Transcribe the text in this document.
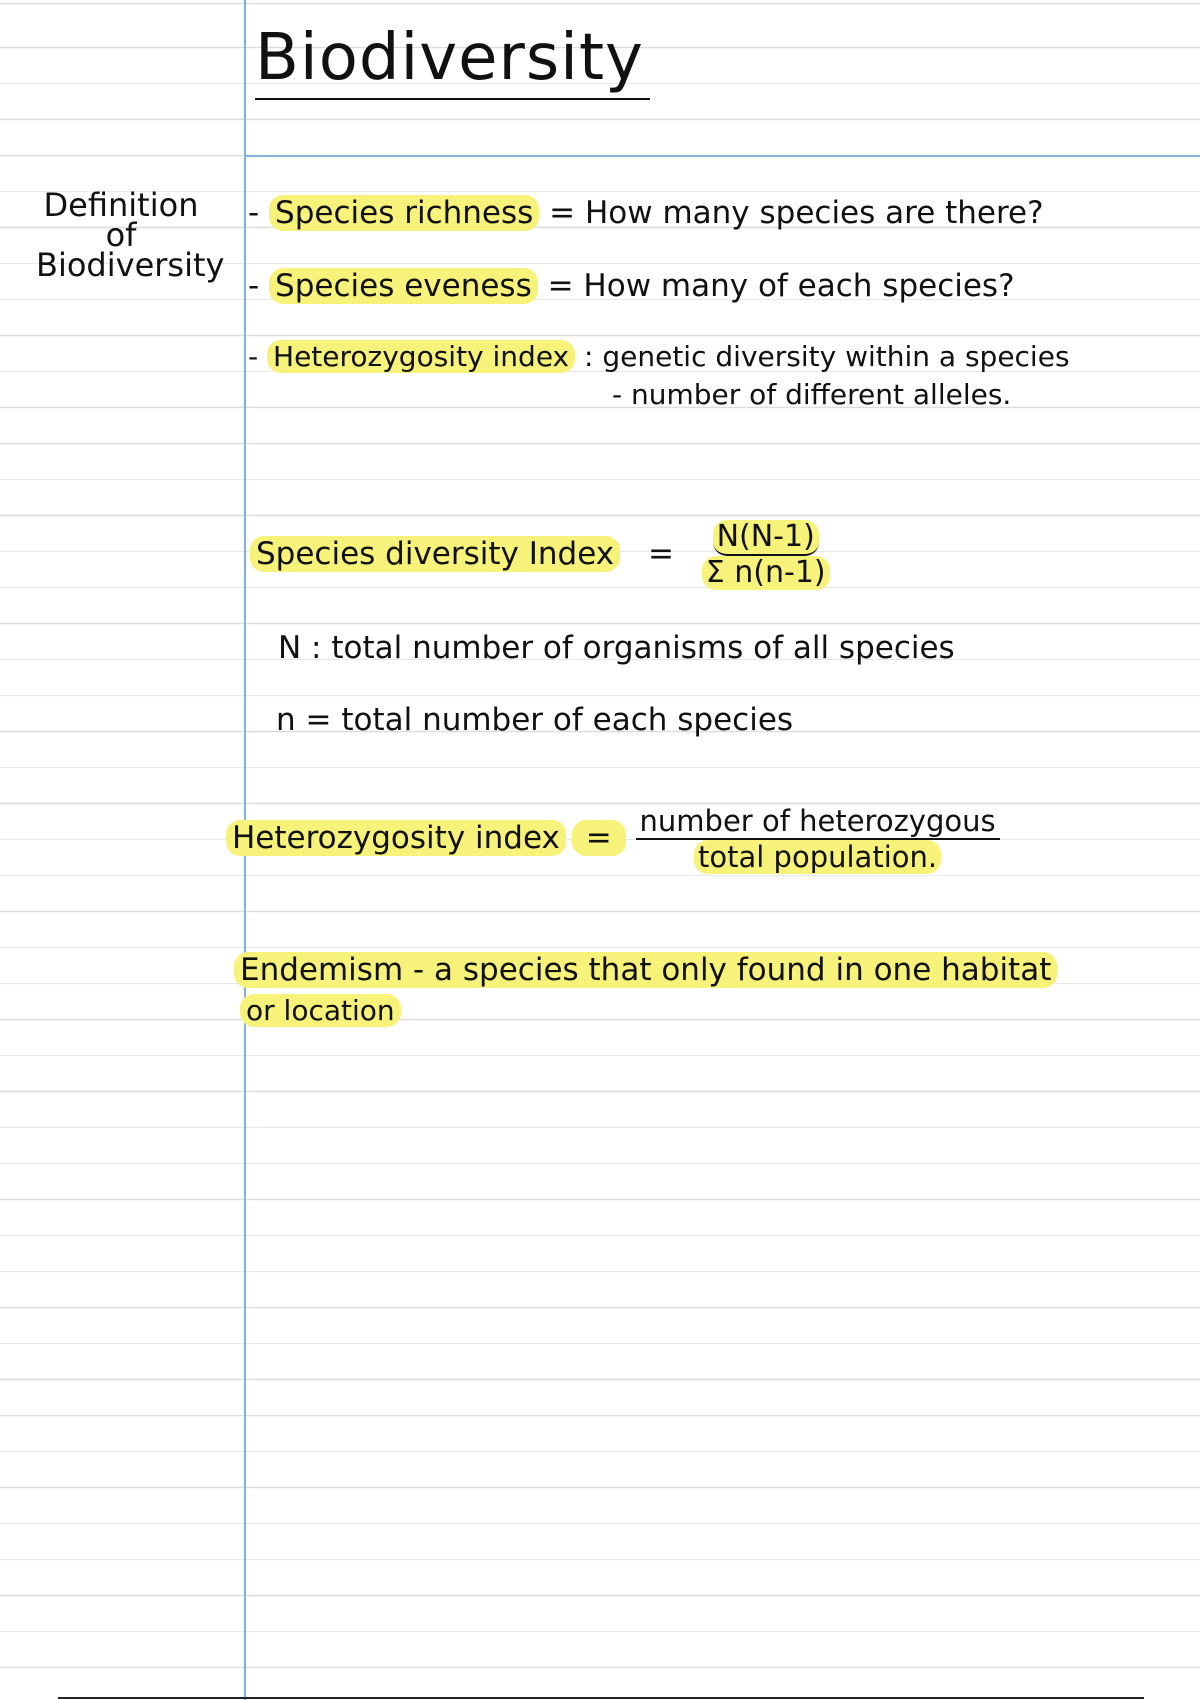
Biodiversity
Definition of Biodiversity
- Species richness = How many species are there?
- Species eveness = How many of each species?
- Heterozygosity index : genetic diversity within a species
- number of different alleles.
Species diversity Index = $\frac{N(N-1)}{\text{Σ n(n-1)}}$
N : total number of organisms of all species
n = total number of each species
Heterozygosity index = $\frac{\text{number of heterozygous}}{\text{total population.}}$
Endemism - a species that only found in one habitat
or location
